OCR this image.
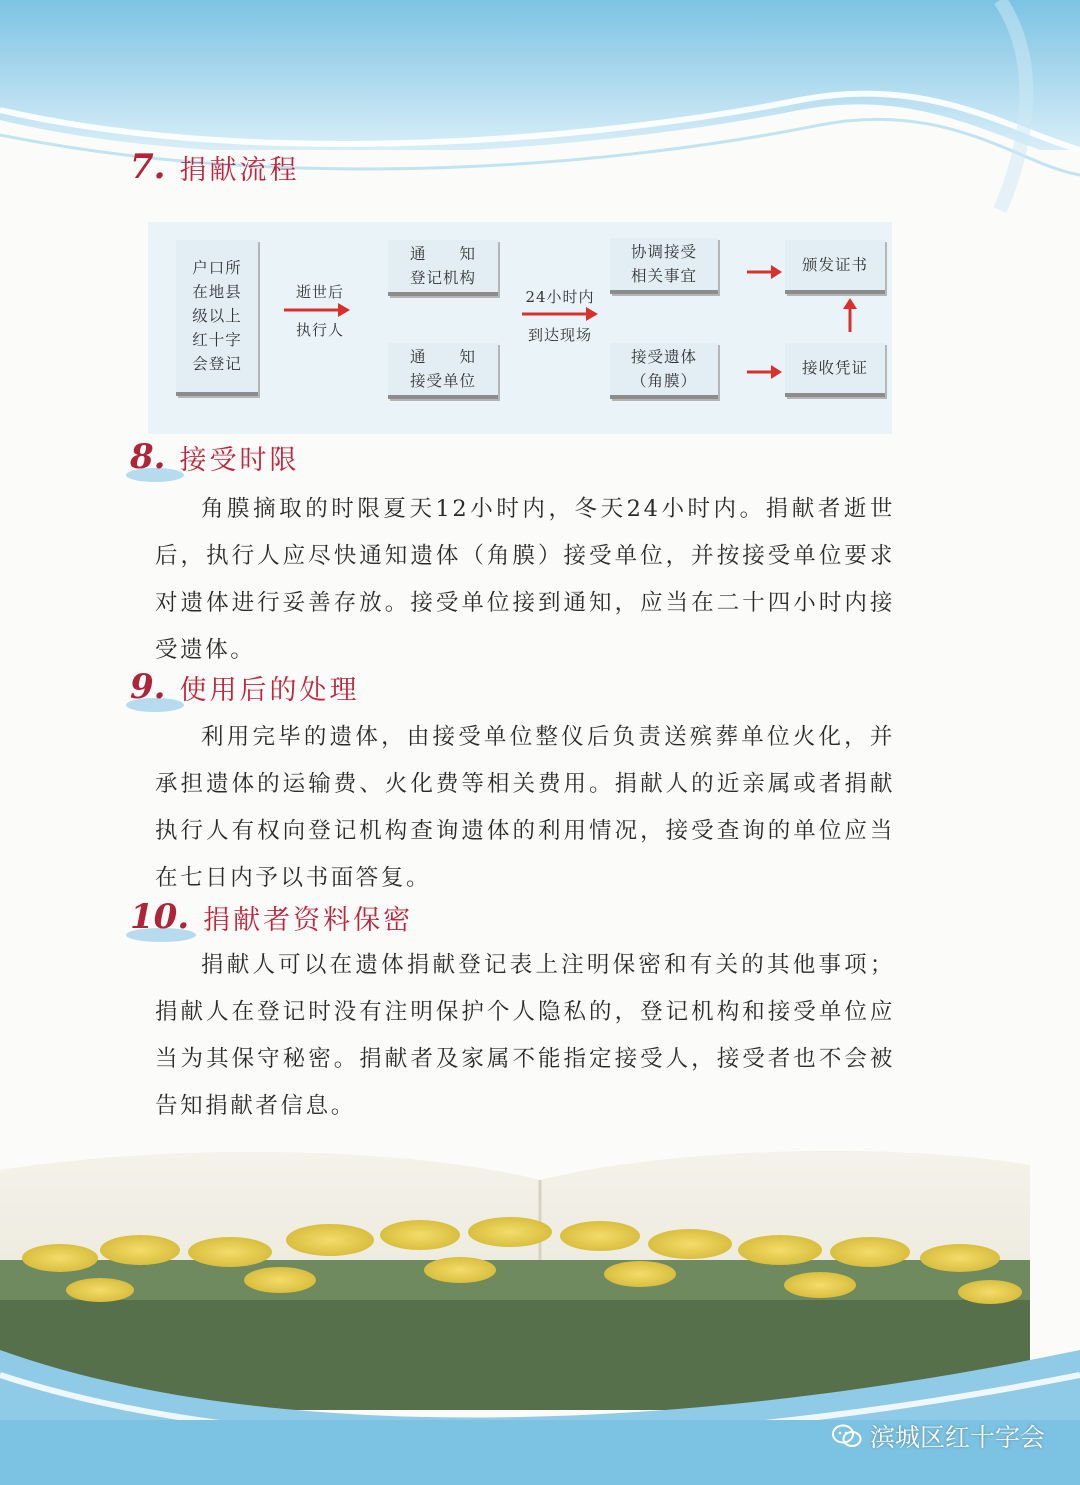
7. 捐献流程
户口所
在地县
级以上
红十字
会登记
逝世后
执行人
通　　知
登记机构
通　　知
接受单位
24小时内
到达现场
协调接受
相关事宜
接受遗体
（角膜）
颁发证书
接收凭证
8. 接受时限

角膜摘取的时限夏天12小时内，冬天24小时内。捐献者逝世后，执行人应尽快通知遗体（角膜）接受单位，并按接受单位要求对遗体进行妥善存放。接受单位接到通知，应当在二十四小时内接受遗体。

9. 使用后的处理

利用完毕的遗体，由接受单位整仪后负责送殡葬单位火化，并承担遗体的运输费、火化费等相关费用。捐献人的近亲属或者捐献执行人有权向登记机构查询遗体的利用情况，接受查询的单位应当在七日内予以书面答复。

10. 捐献者资料保密

捐献人可以在遗体捐献登记表上注明保密和有关的其他事项；捐献人在登记时没有注明保护个人隐私的，登记机构和接受单位应当为其保守秘密。捐献者及家属不能指定接受人，接受者也不会被告知捐献者信息。

滨城区红十字会
